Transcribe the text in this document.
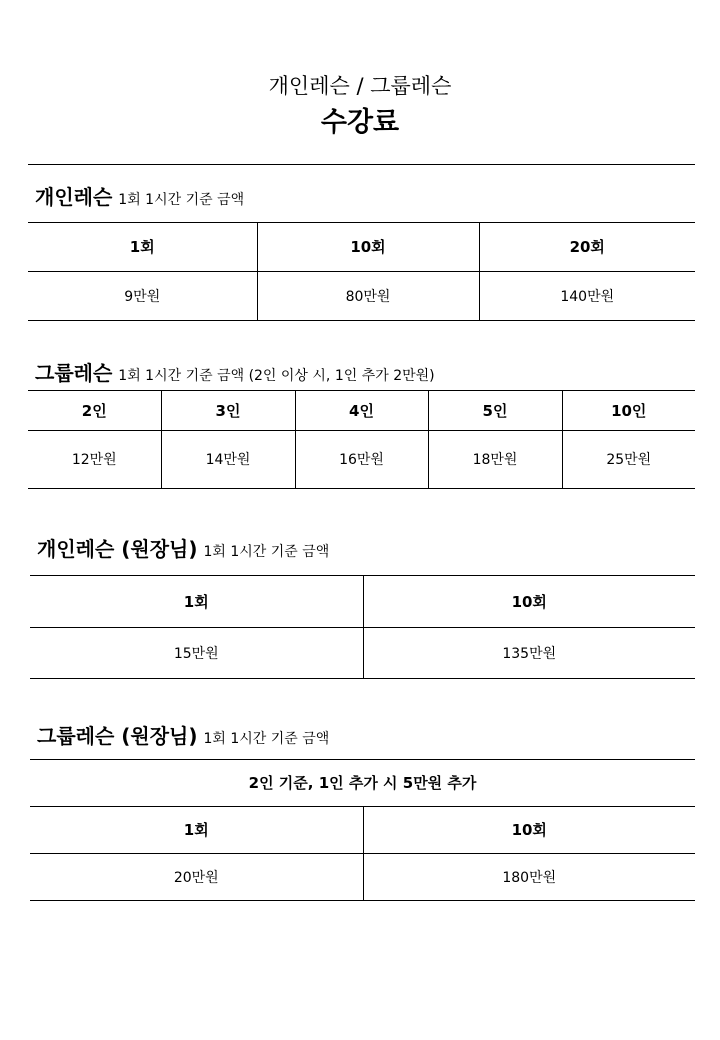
개인레슨 / 그룹레슨
수강료
개인레슨 1회 1시간 기준 금액
1회	10회	20회
9만원	80만원	140만원
그룹레슨 1회 1시간 기준 금액 (2인 이상 시, 1인 추가 2만원)
2인	3인	4인	5인	10인
12만원	14만원	16만원	18만원	25만원
개인레슨 (원장님) 1회 1시간 기준 금액
1회	10회
15만원	135만원
그룹레슨 (원장님) 1회 1시간 기준 금액
2인 기준, 1인 추가 시 5만원 추가	
1회	10회
20만원	180만원
